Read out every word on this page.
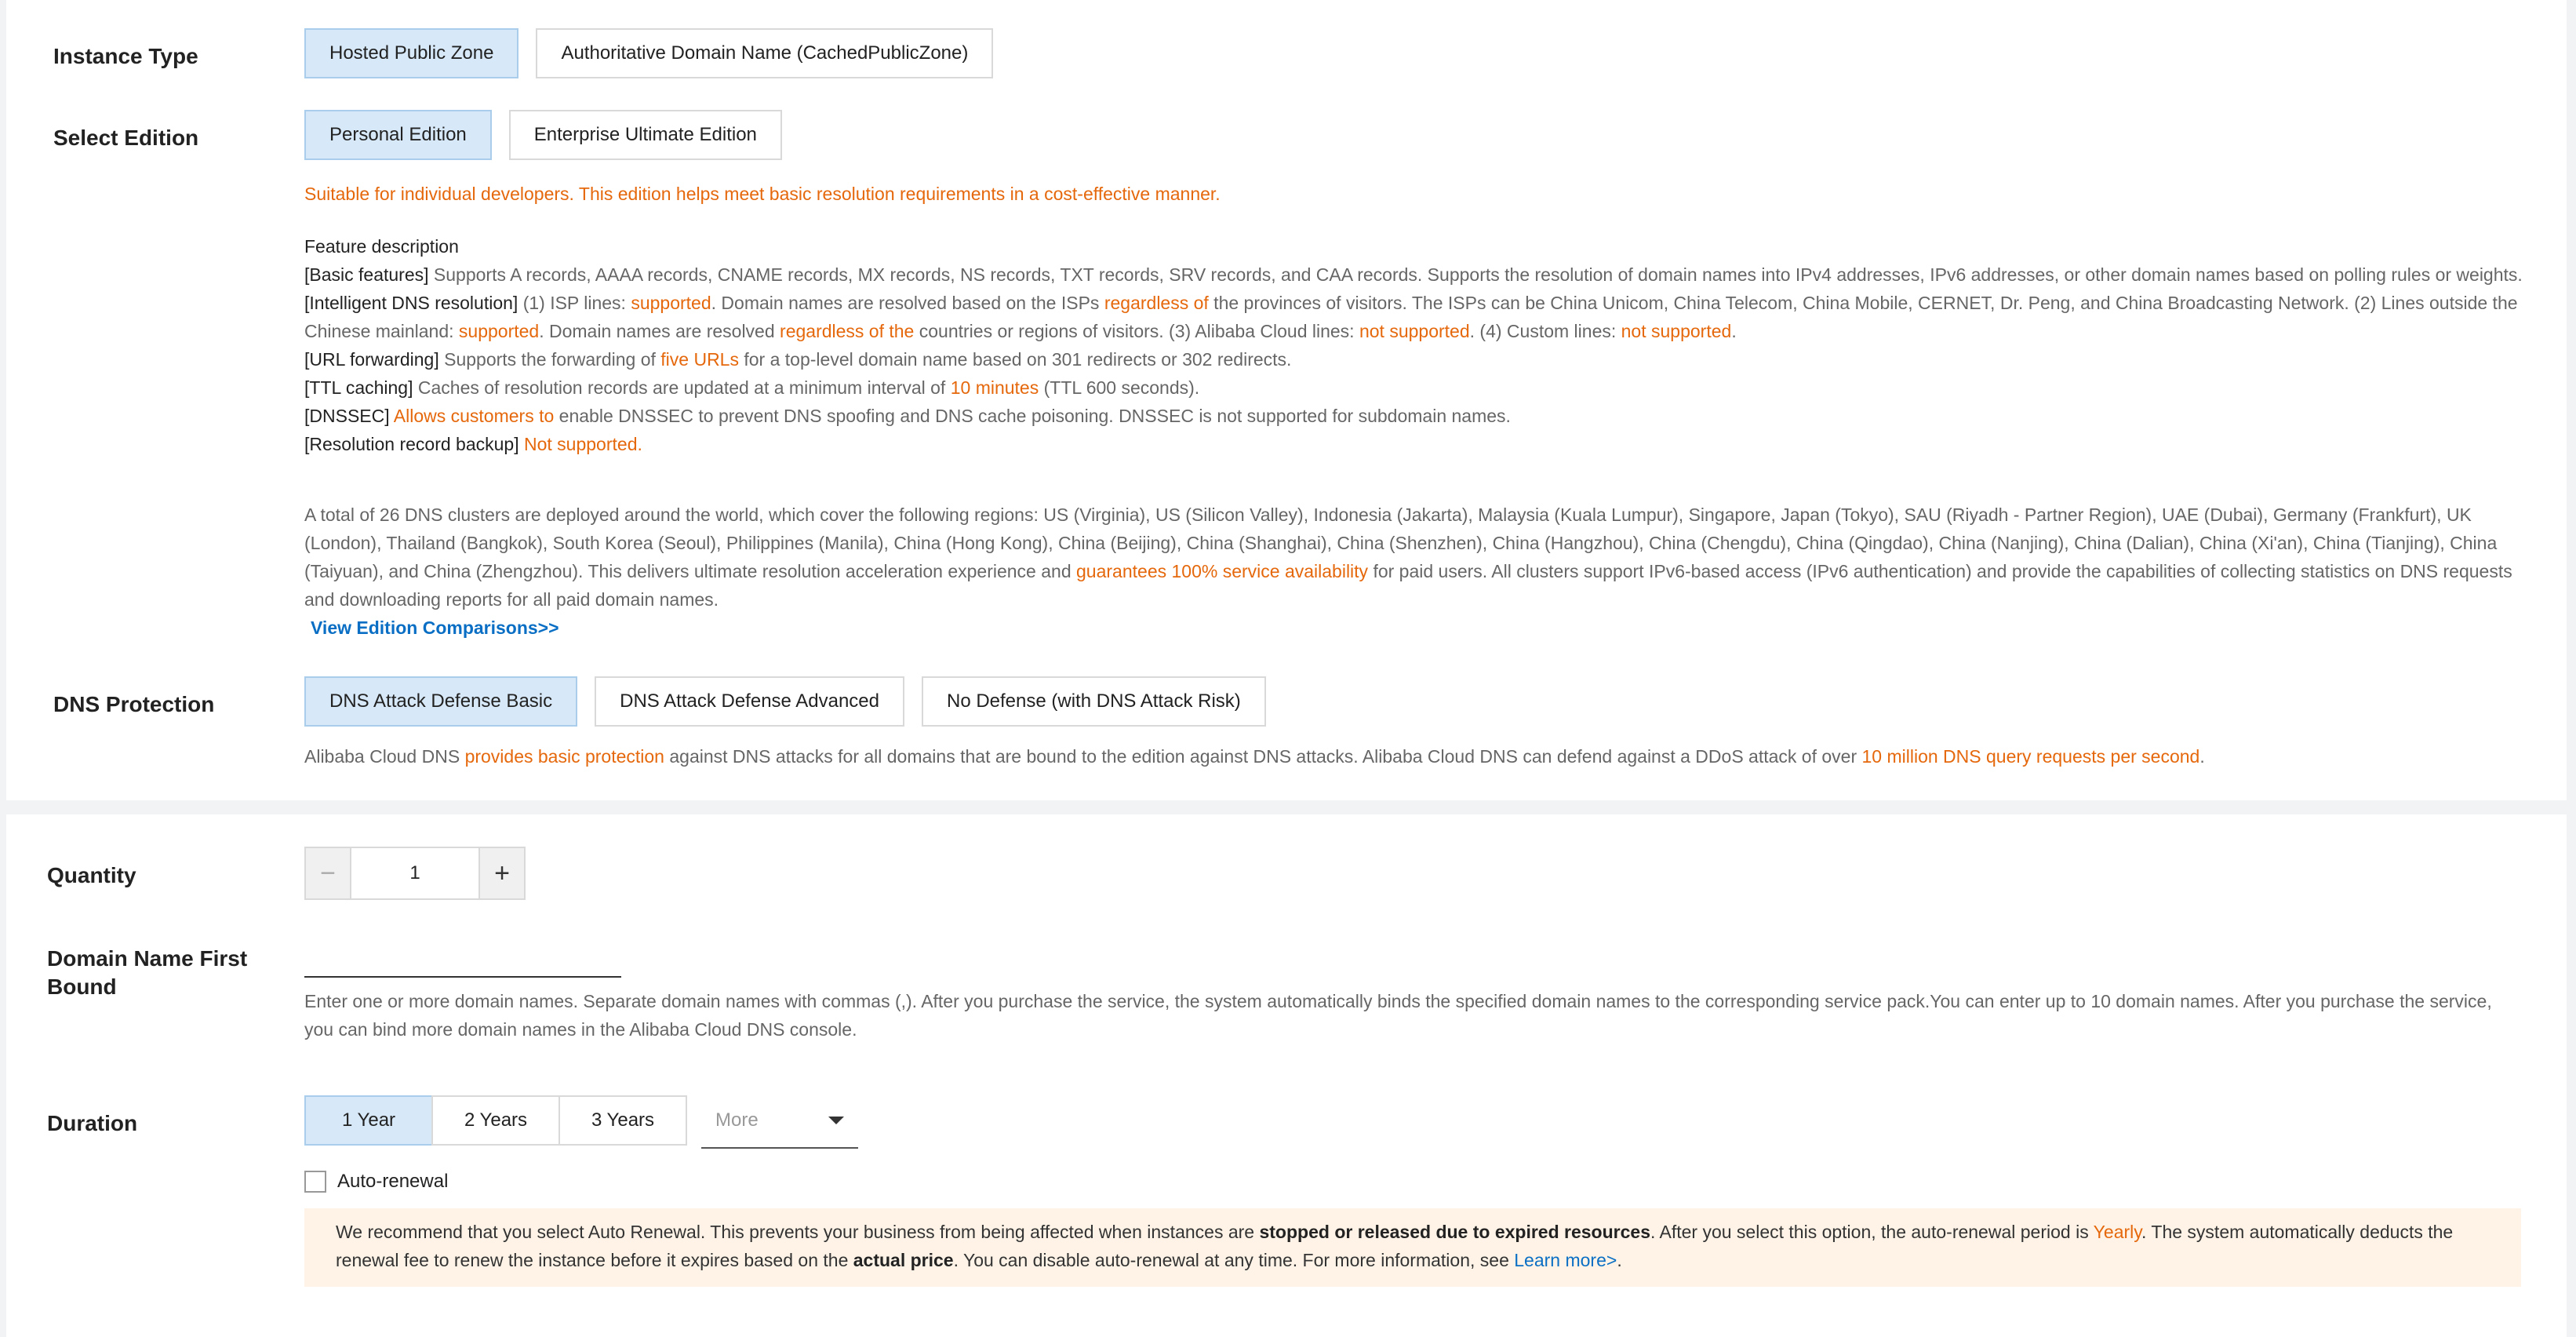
Instance Type	Hosted Public Zone	Authoritative Domain Name (CachedPublicZone)
Select Edition	Personal Edition	Enterprise Ultimate Edition
Suitable for individual developers. This edition helps meet basic resolution requirements in a cost-effective manner.
Feature description
[Basic features] Supports A records, AAAA records, CNAME records, MX records, NS records, TXT records, SRV records, and CAA records. Supports the resolution of domain names into IPv4 addresses, IPv6 addresses, or other domain names based on polling rules or weights.
[Intelligent DNS resolution] (1) ISP lines: supported. Domain names are resolved based on the ISPs regardless of the provinces of visitors. The ISPs can be China Unicom, China Telecom, China Mobile, CERNET, Dr. Peng, and China Broadcasting Network. (2) Lines outside the Chinese mainland: supported. Domain names are resolved regardless of the countries or regions of visitors. (3) Alibaba Cloud lines: not supported. (4) Custom lines: not supported.
[URL forwarding] Supports the forwarding of five URLs for a top-level domain name based on 301 redirects or 302 redirects.
[TTL caching] Caches of resolution records are updated at a minimum interval of 10 minutes (TTL 600 seconds).
[DNSSEC] Allows customers to enable DNSSEC to prevent DNS spoofing and DNS cache poisoning. DNSSEC is not supported for subdomain names.
[Resolution record backup] Not supported.
A total of 26 DNS clusters are deployed around the world, which cover the following regions: US (Virginia), US (Silicon Valley), Indonesia (Jakarta), Malaysia (Kuala Lumpur), Singapore, Japan (Tokyo), SAU (Riyadh - Partner Region), UAE (Dubai), Germany (Frankfurt), UK (London), Thailand (Bangkok), South Korea (Seoul), Philippines (Manila), China (Hong Kong), China (Beijing), China (Shanghai), China (Shenzhen), China (Hangzhou), China (Chengdu), China (Qingdao), China (Nanjing), China (Dalian), China (Xi'an), China (Tianjing), China (Taiyuan), and China (Zhengzhou). This delivers ultimate resolution acceleration experience and guarantees 100% service availability for paid users. All clusters support IPv6-based access (IPv6 authentication) and provide the capabilities of collecting statistics on DNS requests and downloading reports for all paid domain names.
View Edition Comparisons>>
DNS Protection	DNS Attack Defense Basic	DNS Attack Defense Advanced	No Defense (with DNS Attack Risk)
Alibaba Cloud DNS provides basic protection against DNS attacks for all domains that are bound to the edition against DNS attacks. Alibaba Cloud DNS can defend against a DDoS attack of over 10 million DNS query requests per second.
Quantity	−	1	+
Domain Name First Bound
Enter one or more domain names. Separate domain names with commas (,). After you purchase the service, the system automatically binds the specified domain names to the corresponding service pack.You can enter up to 10 domain names. After you purchase the service, you can bind more domain names in the Alibaba Cloud DNS console.
Duration	1 Year	2 Years	3 Years	More
Auto-renewal
We recommend that you select Auto Renewal. This prevents your business from being affected when instances are stopped or released due to expired resources. After you select this option, the auto-renewal period is Yearly. The system automatically deducts the renewal fee to renew the instance before it expires based on the actual price. You can disable auto-renewal at any time. For more information, see Learn more>.
